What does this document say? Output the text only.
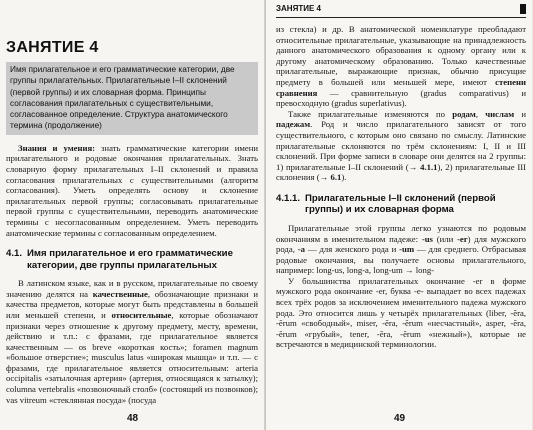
ЗАНЯТИЕ 4
Имя прилагательное и его грамматические категории, две группы прилагательных. Прилагательные I–II склонений (первой группы) и их словарная форма. Принципы согласования прилагательных с существительными, согласованное определение. Структура анатомического термина (продолжение)

Знания и умения: знать грамматические категории имени прилагательного и родовые окончания прилагательных. Знать словарную форму прилагательных I–II склонений и правила согласования прилагательных с существительными (алгоритм согласования). Уметь определять основу и склонение прилагательных первой группы; согласовывать прилагательные первой группы с существительными, переводить анатомические термины с несогласованным определением. Уметь переводить анатомические термины с согласованным определением.

4.1. Имя прилагательное и его грамматические категории, две группы прилагательных

В латинском языке, как и в русском, прилагательные по своему значению делятся на качественные, обозначающие признаки и качества предметов, которые могут быть представлены в большей или меньшей степени, и относительные, которые обозначают признаки через отношение к другому предмету, месту, времени, действию и т.п.: с фразами, где прилагательное является качественным — os breve «короткая кость»; foramen magnum «большое отверстие»; musculus latus «широкая мышца» и т.п. — с фразами, где прилагательное является относительным: arteria occipitalis «затылочная артерия» (артерия, относящаяся к затылку); columna vertebralis «позвоночный столб» (состоящий из позвонков); vas vitreum «стеклянная посуда» (посуда

48
ЗАНЯТИЕ 4

из стекла) и др. В анатомической номенклатуре преобладают относительные прилагательные, указывающие на принадлежность данного анатомического образования к одному органу или к другому анатомическому образованию. Только качественные прилагательные, выражающие признак, обычно присущие предмету в большей или меньшей мере, имеют степени сравнения — сравнительную (gradus comparativus) и превосходную (gradus superlativus).

Также прилагательные изменяются по родам, числам и падежам. Род и число прилагательного зависят от того существительного, с которым оно связано по смыслу. Латинские прилагательные склоняются по трём склонениям: I, II и III склонений. При форме записи в словаре они делятся на 2 группы: 1) прилагательные I–II склонений (→ 4.1.1), 2) прилагательные III склонения (→ 6.1).

4.1.1. Прилагательные I–II склонений (первой группы) и их словарная форма

Прилагательные этой группы легко узнаются по родовым окончаниям в именительном падеже: -us (или -er) для мужского рода, -a — для женского рода и -um — для среднего. Отбрасывая родовые окончания, вы получаете основы прилагательного, например: long-us, long-a, long-um → long-

У большинства прилагательных окончание -er в форме мужского рода окончание -er, буква -e- выпадает во всех падежах всех трёх родов за исключением именительного падежа мужского рода. Это относится лишь у четырёх прилагательных (liber, -ĕra, -ĕrum «свободный», miser, -ĕra, -ĕrum «несчастный», asper, -ĕra, -ĕrum «грубый», tener, -ĕra, -ĕrum «нежный»), которые не встречаются в медицинской терминологии.

49
